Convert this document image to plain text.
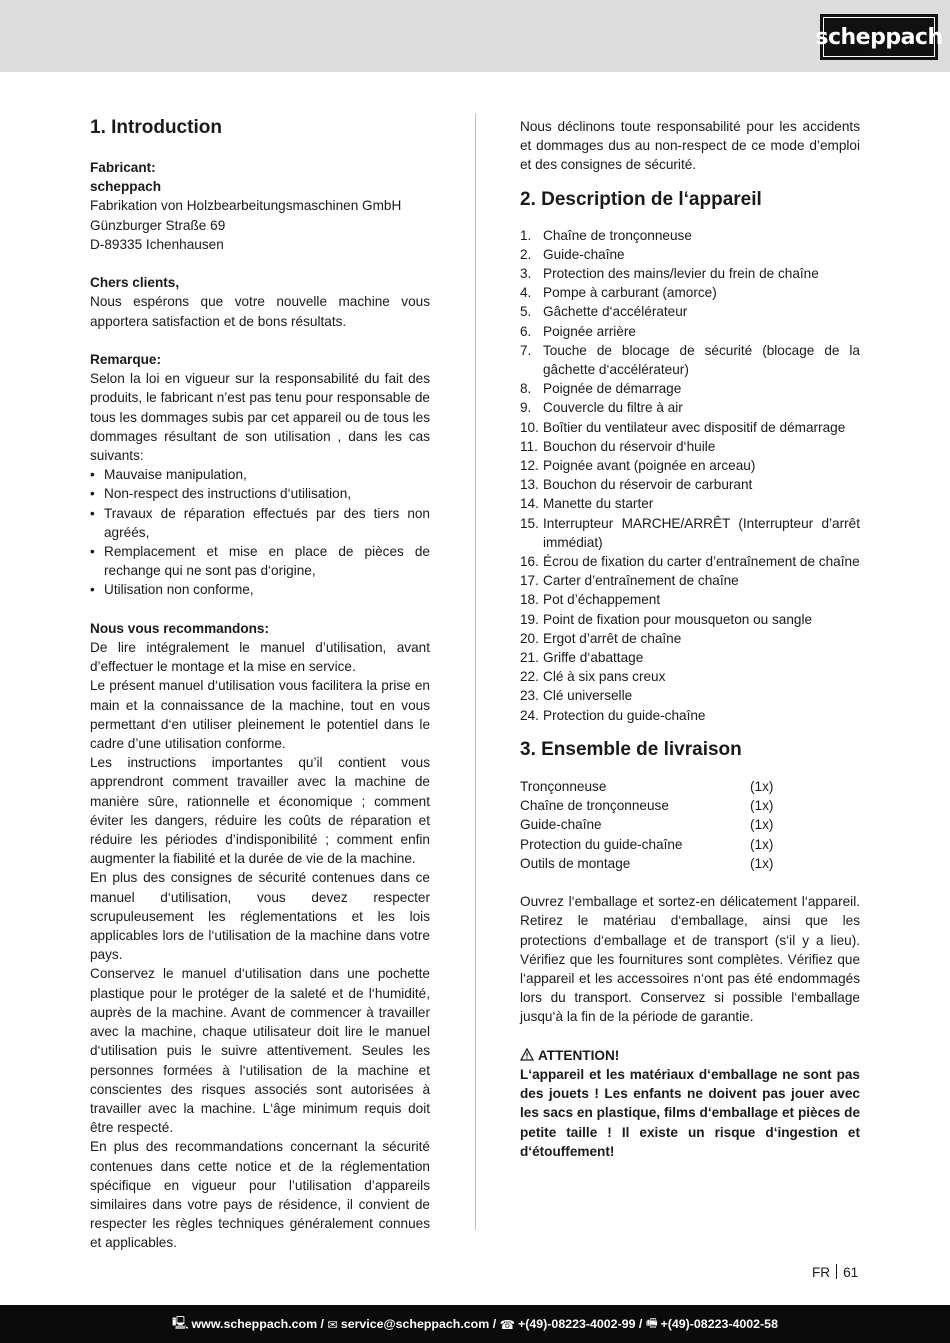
scheppach
1. Introduction

Fabricant:

scheppach

Fabrikation von Holzbearbeitungsmaschinen GmbH

Günzburger Straße 69

D-89335 Ichenhausen

Chers clients,

Nous espérons que votre nouvelle machine vous apportera satisfaction et de bons résultats.

Remarque:

Selon la loi en vigueur sur la responsabilité du fait des produits, le fabricant n’est pas tenu pour responsable de tous les dommages subis par cet appareil ou de tous les dommages résultant de son utilisation , dans les cas suivants:

• Mauvaise manipulation,
• Non-respect des instructions d‘utilisation,
• Travaux de réparation effectués par des tiers non agréés,
• Remplacement et mise en place de pièces de rechange qui ne sont pas d‘origine,
• Utilisation non conforme,

Nous vous recommandons:

De lire intégralement le manuel d’utilisation, avant d’effectuer le montage et la mise en service.

Le présent manuel d‘utilisation vous facilitera la prise en main et la connaissance de la machine, tout en vous permettant d‘en utiliser pleinement le potentiel dans le cadre d’une utilisation conforme.

Les instructions importantes qu’il contient vous apprendront comment travailler avec la machine de manière sûre, rationnelle et économique ; comment éviter les dangers, réduire les coûts de réparation et réduire les périodes d’indisponibilité ; comment enfin augmenter la fiabilité et la durée de vie de la machine.

En plus des consignes de sécurité contenues dans ce manuel d‘utilisation, vous devez respecter scrupuleusement les réglementations et les lois applicables lors de l‘utilisation de la machine dans votre pays.

Conservez le manuel d‘utilisation dans une pochette plastique pour le protéger de la saleté et de l‘humidité, auprès de la machine. Avant de commencer à travailler avec la machine, chaque utilisateur doit lire le manuel d‘utilisation puis le suivre attentivement. Seules les personnes formées à l‘utilisation de la machine et conscientes des risques associés sont autorisées à travailler avec la machine. L‘âge minimum requis doit être respecté.

En plus des recommandations concernant la sécurité contenues dans cette notice et de la réglementation spécifique en vigueur pour l’utilisation d’appareils similaires dans votre pays de résidence, il convient de respecter les règles techniques généralement connues et applicables.

Nous déclinons toute responsabilité pour les accidents et dommages dus au non-respect de ce mode d’emploi et des consignes de sécurité.

2. Description de l‘appareil
1. Chaîne de tronçonneuse
2. Guide-chaîne
3. Protection des mains/levier du frein de chaîne
4. Pompe à carburant (amorce)
5. Gâchette d‘accélérateur
6. Poignée arrière
7. Touche de blocage de sécurité (blocage de la gâchette d‘accélérateur)
8. Poignée de démarrage
9. Couvercle du filtre à air
10. Boîtier du ventilateur avec dispositif de démarrage
11. Bouchon du réservoir d‘huile
12. Poignée avant (poignée en arceau)
13. Bouchon du réservoir de carburant
14. Manette du starter
15. Interrupteur MARCHE/ARRÊT (Interrupteur d’arrêt immédiat)
16. Écrou de fixation du carter d’entraînement de chaîne
17. Carter d’entraînement de chaîne
18. Pot d’échappement
19. Point de fixation pour mousqueton ou sangle
20. Ergot d’arrêt de chaîne
21. Griffe d‘abattage
22. Clé à six pans creux
23. Clé universelle
24. Protection du guide-chaîne
3. Ensemble de livraison
Tronçonneuse	(1x)
Chaîne de tronçonneuse	(1x)
Guide-chaîne	(1x)
Protection du guide-chaîne	(1x)
Outils de montage	(1x)

Ouvrez l‘emballage et sortez-en délicatement l‘appareil. Retirez le matériau d‘emballage, ainsi que les protections d‘emballage et de transport (s‘il y a lieu). Vérifiez que les fournitures sont complètes. Vérifiez que l‘appareil et les accessoires n‘ont pas été endommagés lors du transport. Conservez si possible l‘emballage jusqu‘à la fin de la période de garantie.

ATTENTION!

L‘appareil et les matériaux d‘emballage ne sont pas des jouets ! Les enfants ne doivent pas jouer avec les sacs en plastique, films d‘emballage et pièces de petite taille ! Il existe un risque d‘ingestion et d‘étouffement!

FR 61
🖳 www.scheppach.com / ✉ service@scheppach.com / ☎ +(49)-08223-4002-99 / 🖷 +(49)-08223-4002-58
